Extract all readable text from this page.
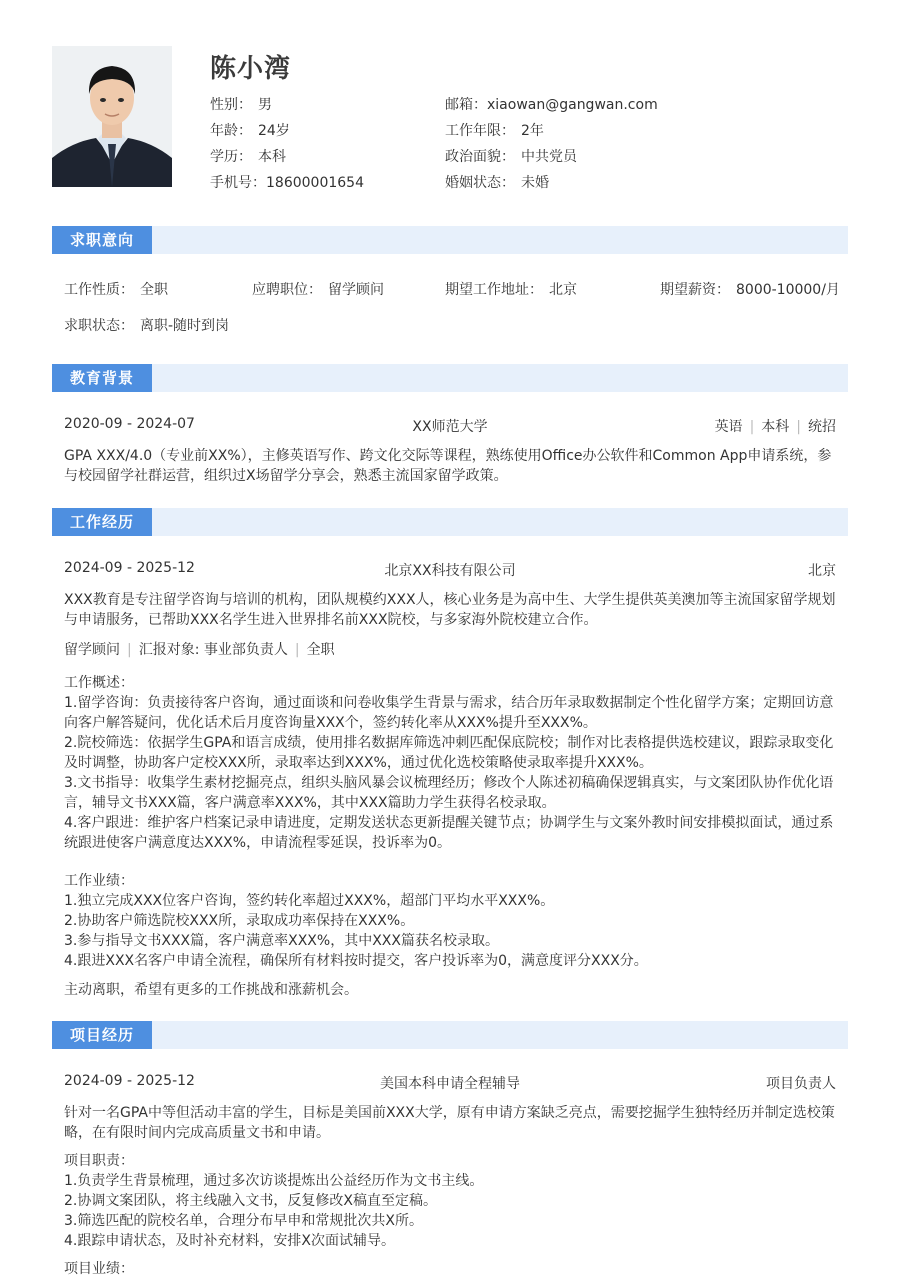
陈小湾
性别： 男
年龄： 24岁
学历： 本科
手机号：18600001654
邮箱：xiaowan@gangwan.com
工作年限： 2年
政治面貌： 中共党员
婚姻状态： 未婚
求职意向
工作性质： 全职	应聘职位： 留学顾问	期望工作地址： 北京	期望薪资： 8000-10000/月
求职状态： 离职-随时到岗
教育背景
2020-09 - 2024-07	XX师范大学	英语 | 本科 | 统招
GPA XXX/4.0（专业前XX%），主修英语写作、跨文化交际等课程，熟练使用Office办公软件和Common App申请系统，参
与校园留学社群运营，组织过X场留学分享会，熟悉主流国家留学政策。
工作经历
2024-09 - 2025-12	北京XX科技有限公司	北京
XXX教育是专注留学咨询与培训的机构，团队规模约XXX人，核心业务是为高中生、大学生提供英美澳加等主流国家留学规划
与申请服务，已帮助XXX名学生进入世界排名前XXX院校，与多家海外院校建立合作。
留学顾问 | 汇报对象: 事业部负责人 | 全职
工作概述：
1.留学咨询：负责接待客户咨询，通过面谈和问卷收集学生背景与需求，结合历年录取数据制定个性化留学方案；定期回访意
向客户解答疑问，优化话术后月度咨询量XXX个，签约转化率从XXX%提升至XXX%。
2.院校筛选：依据学生GPA和语言成绩，使用排名数据库筛选冲刺匹配保底院校；制作对比表格提供选校建议，跟踪录取变化
及时调整，协助客户定校XXX所，录取率达到XXX%，通过优化选校策略使录取率提升XXX%。
3.文书指导：收集学生素材挖掘亮点，组织头脑风暴会议梳理经历；修改个人陈述初稿确保逻辑真实，与文案团队协作优化语
言，辅导文书XXX篇，客户满意率XXX%，其中XXX篇助力学生获得名校录取。
4.客户跟进：维护客户档案记录申请进度，定期发送状态更新提醒关键节点；协调学生与文案外教时间安排模拟面试，通过系
统跟进使客户满意度达XXX%，申请流程零延误，投诉率为0。
工作业绩：
1.独立完成XXX位客户咨询，签约转化率超过XXX%，超部门平均水平XXX%。
2.协助客户筛选院校XXX所，录取成功率保持在XXX%。
3.参与指导文书XXX篇，客户满意率XXX%，其中XXX篇获名校录取。
4.跟进XXX名客户申请全流程，确保所有材料按时提交，客户投诉率为0，满意度评分XXX分。
主动离职，希望有更多的工作挑战和涨薪机会。
项目经历
2024-09 - 2025-12	美国本科申请全程辅导	项目负责人
针对一名GPA中等但活动丰富的学生，目标是美国前XXX大学，原有申请方案缺乏亮点，需要挖掘学生独特经历并制定选校策
略，在有限时间内完成高质量文书和申请。
项目职责：
1.负责学生背景梳理，通过多次访谈提炼出公益经历作为文书主线。
2.协调文案团队，将主线融入文书，反复修改X稿直至定稿。
3.筛选匹配的院校名单，合理分布早申和常规批次共X所。
4.跟踪申请状态，及时补充材料，安排X次面试辅导。
项目业绩：
